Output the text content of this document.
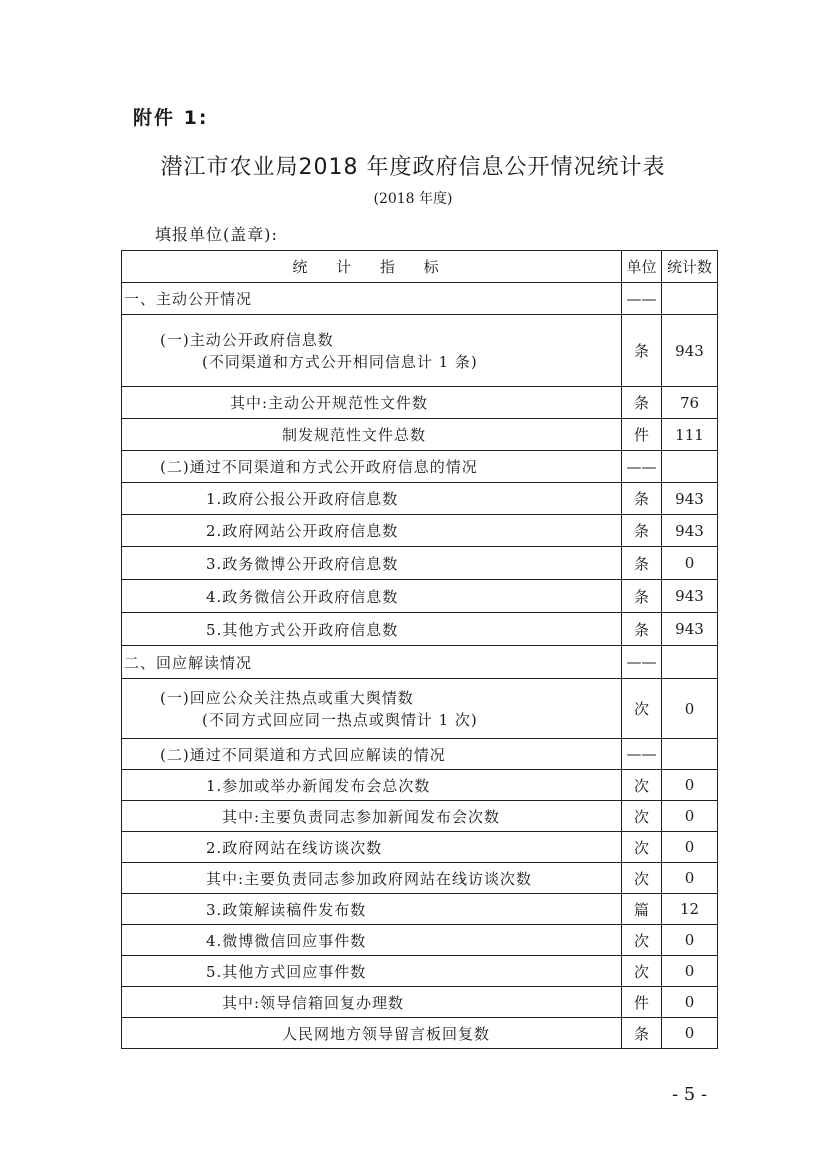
附件 1:
潜江市农业局2018 年度政府信息公开情况统计表
(2018 年度)
填报单位(盖章):
统 计 指 标	单位	统计数
一、主动公开情况	——	

(一)主动公开政府信息数
(不同渠道和方式公开相同信息计 1 条)	条	943
其中:主动公开规范性文件数	条	76
制发规范性文件总数	件	111
(二)通过不同渠道和方式公开政府信息的情况	——	
1.政府公报公开政府信息数	条	943
2.政府网站公开政府信息数	条	943
3.政务微博公开政府信息数	条	0
4.政务微信公开政府信息数	条	943
5.其他方式公开政府信息数	条	943
二、回应解读情况	——	

(一)回应公众关注热点或重大舆情数
(不同方式回应同一热点或舆情计 1 次)	次	0
(二)通过不同渠道和方式回应解读的情况	——	
1.参加或举办新闻发布会总次数	次	0
其中:主要负责同志参加新闻发布会次数	次	0
2.政府网站在线访谈次数	次	0
其中:主要负责同志参加政府网站在线访谈次数	次	0
3.政策解读稿件发布数	篇	12
4.微博微信回应事件数	次	0
5.其他方式回应事件数	次	0
其中:领导信箱回复办理数	件	0
人民网地方领导留言板回复数	条	0
- 5 -
